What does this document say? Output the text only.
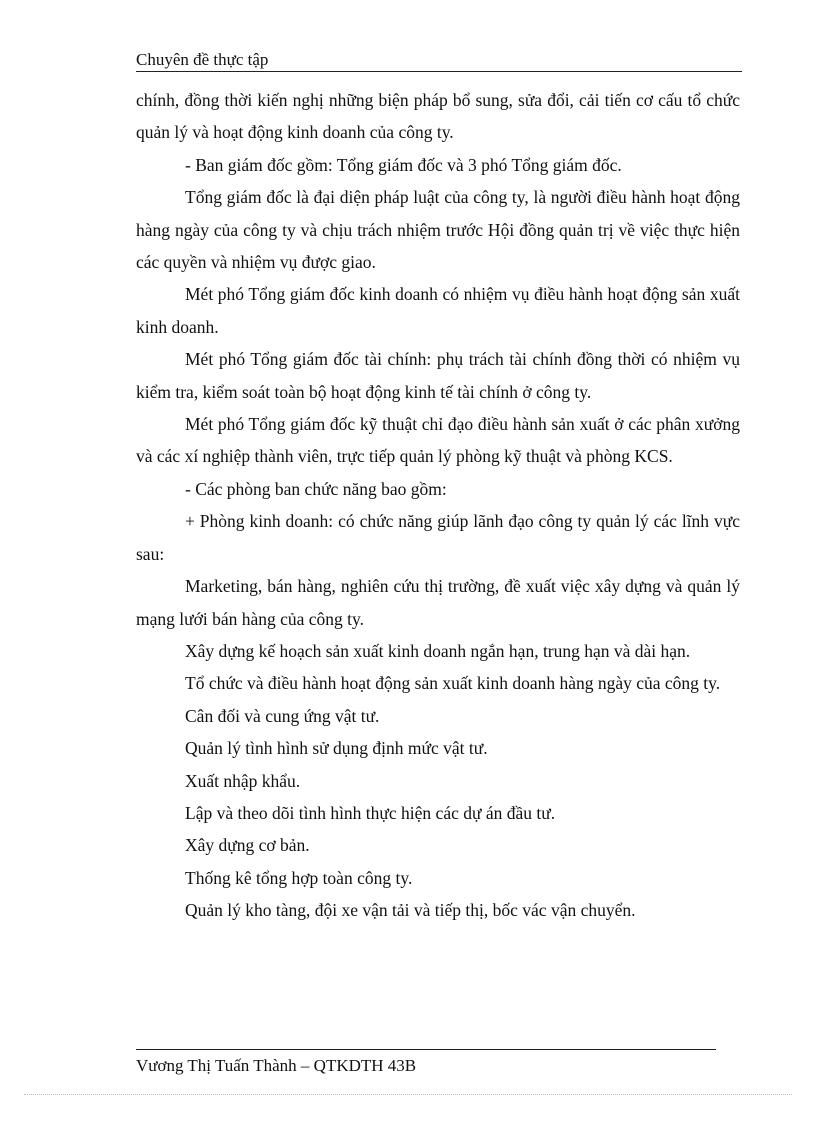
Chuyên đề thực tập

chính, đồng thời kiến nghị những biện pháp bổ sung, sửa đổi, cải tiến cơ cấu tổ chức quản lý và hoạt động kinh doanh của công ty.

- Ban giám đốc gồm: Tổng giám đốc và 3 phó Tổng giám đốc.

Tổng giám đốc là đại diện pháp luật của công ty, là người điều hành hoạt động hàng ngày của công ty và chịu trách nhiệm trước Hội đồng quản trị về việc thực hiện các quyền và nhiệm vụ được giao.

Mét phó Tổng giám đốc kinh doanh có nhiệm vụ điều hành hoạt động sản xuất kinh doanh.

Mét phó Tổng giám đốc tài chính: phụ trách tài chính đồng thời có nhiệm vụ kiểm tra, kiểm soát toàn bộ hoạt động kinh tế tài chính ở công ty.

Mét phó Tổng giám đốc kỹ thuật chỉ đạo điều hành sản xuất ở các phân xưởng và các xí nghiệp thành viên, trực tiếp quản lý phòng kỹ thuật và phòng KCS.

- Các phòng ban chức năng bao gồm:

+ Phòng kinh doanh: có chức năng giúp lãnh đạo công ty quản lý các lĩnh vực sau:

Marketing, bán hàng, nghiên cứu thị trường, đề xuất việc xây dựng và quản lý mạng lưới bán hàng của công ty.

Xây dựng kế hoạch sản xuất kinh doanh ngắn hạn, trung hạn và dài hạn.

Tổ chức và điều hành hoạt động sản xuất kinh doanh hàng ngày của công ty.

Cân đối và cung ứng vật tư.

Quản lý tình hình sử dụng định mức vật tư.

Xuất nhập khẩu.

Lập và theo dõi tình hình thực hiện các dự án đầu tư.

Xây dựng cơ bản.

Thống kê tổng hợp toàn công ty.

Quản lý kho tàng, đội xe vận tải và tiếp thị, bốc vác vận chuyển.

Vương Thị Tuấn Thành – QTKDTH 43B
